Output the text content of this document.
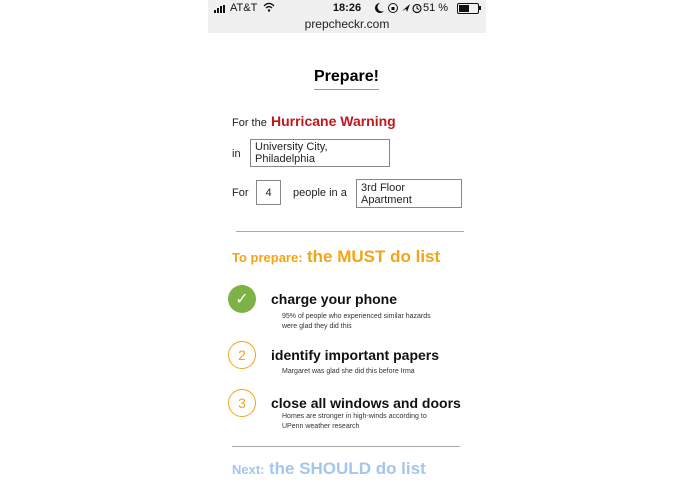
AT&T	18:26	51 %
prepcheckr.com
Prepare!
For the Hurricane Warning
in
University City, Philadelphia
For	4	people in a	3rd Floor Apartment
To prepare: the MUST do list
✓	charge your phone
95% of people who experienced similar hazards were glad they did this
2	identify important papers
Margaret was glad she did this before Irma
3	close all windows and doors
Homes are stronger in high-winds according to UPenn weather research
Next: the SHOULD do list
